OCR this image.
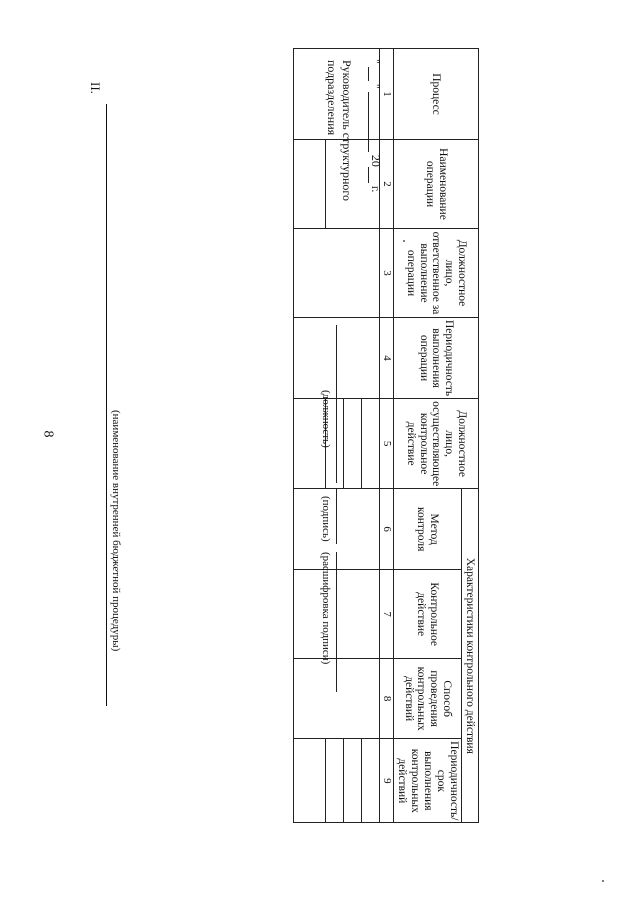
8
II.
(наименование внутренней бюджетной процедуры)
Процесс	Наименование операции	Должностное лицо, ответственное за выполнение операции	Периодичность выполнения операции	Должностное лицо, осуществляющее контрольное действие	Характеристики контрольного действия			
					Метод контроля	Контрольное действие	Способ проведения контрольных действий	Периодичность/ срок выполнения контрольных действий
1	2	3	4	5	6	7	8	9

Руководитель структурного
подразделения
(должность)
(подпись)
(расшифровка подписи)
"  "  20 г.
